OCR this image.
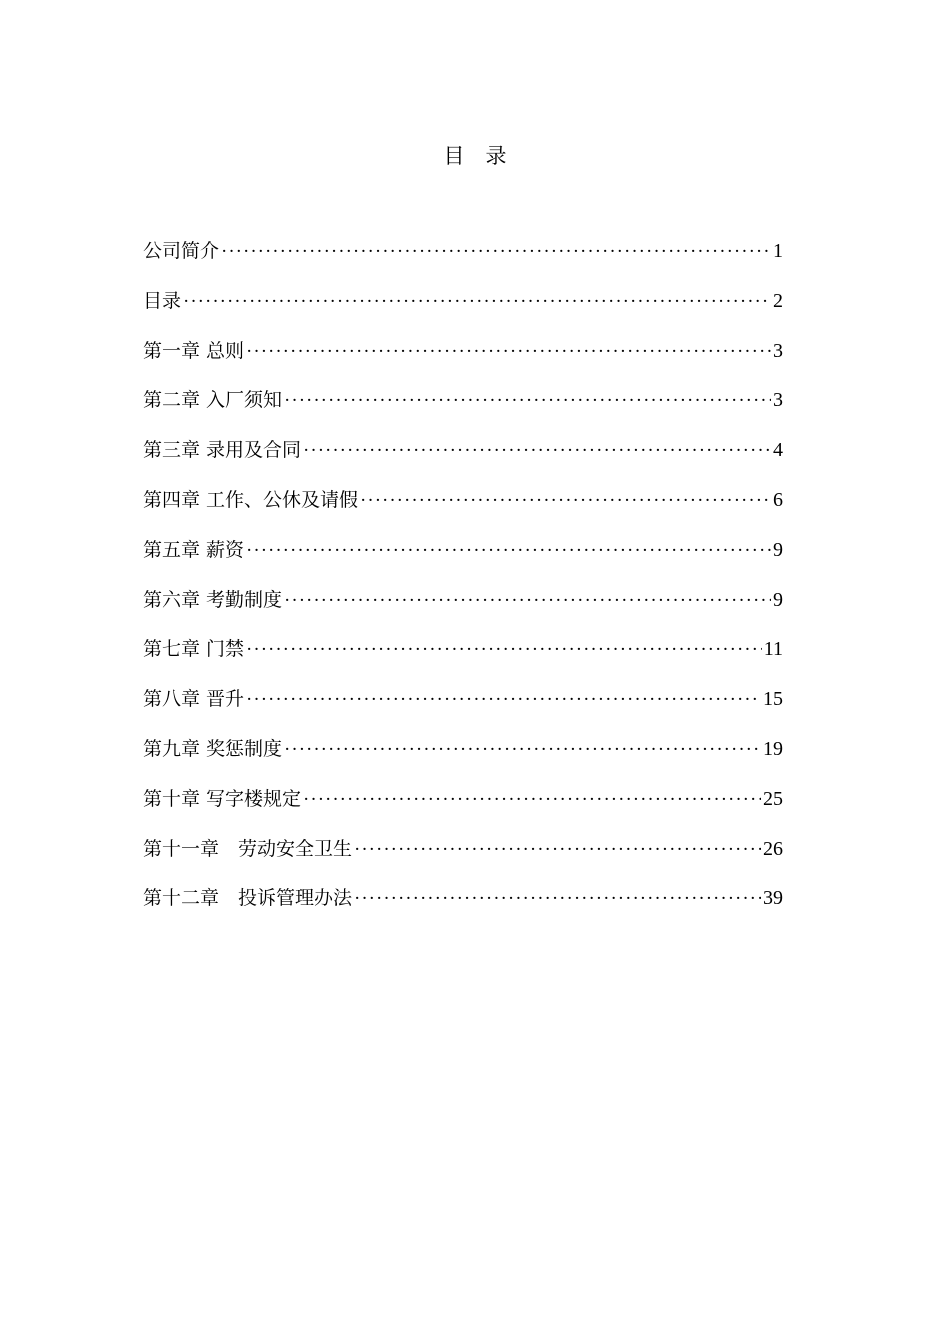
目　录
公司简介 ·····	1
目录 ·····	2
第一章 总则 ·····	3
第二章 入厂须知 ·····	3
第三章 录用及合同 ·····	4
第四章 工作、公休及请假 ·····	6
第五章 薪资 ·····	9
第六章 考勤制度 ·····	9
第七章 门禁 ·····	11
第八章 晋升 ·····	15
第九章 奖惩制度 ·····	19
第十章 写字楼规定 ·····	25
第十一章　劳动安全卫生 ·····	26
第十二章　投诉管理办法 ·····	39
